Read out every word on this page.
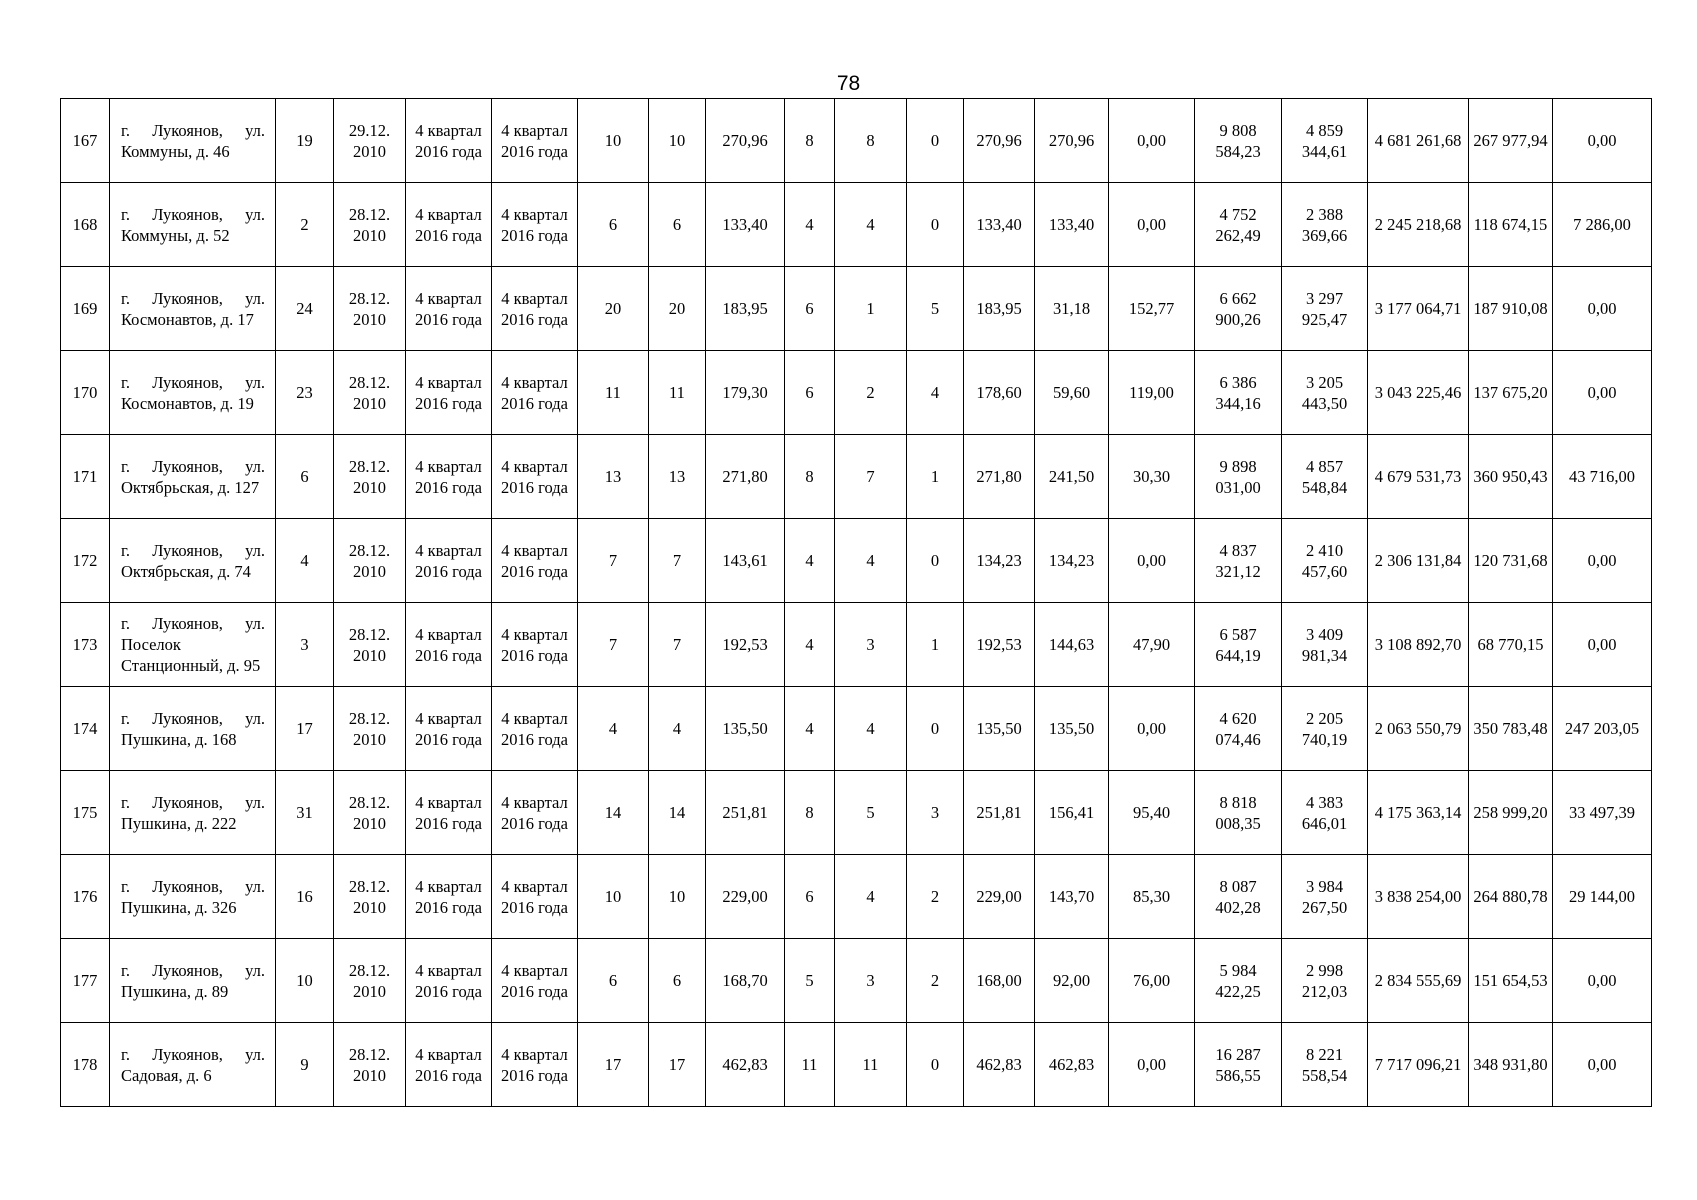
78
167	г. Лукоянов, ул. Коммуны, д. 46	19	29.12. 2010	4 квартал 2016 года	4 квартал 2016 года	10	10	270,96	8	8	0	270,96	270,96	0,00	9 808 584,23	4 859 344,61	4 681 261,68	267 977,94	0,00
168	г. Лукоянов, ул. Коммуны, д. 52	2	28.12. 2010	4 квартал 2016 года	4 квартал 2016 года	6	6	133,40	4	4	0	133,40	133,40	0,00	4 752 262,49	2 388 369,66	2 245 218,68	118 674,15	7 286,00
169	г. Лукоянов, ул. Космонавтов, д. 17	24	28.12. 2010	4 квартал 2016 года	4 квартал 2016 года	20	20	183,95	6	1	5	183,95	31,18	152,77	6 662 900,26	3 297 925,47	3 177 064,71	187 910,08	0,00
170	г. Лукоянов, ул. Космонавтов, д. 19	23	28.12. 2010	4 квартал 2016 года	4 квартал 2016 года	11	11	179,30	6	2	4	178,60	59,60	119,00	6 386 344,16	3 205 443,50	3 043 225,46	137 675,20	0,00
171	г. Лукоянов, ул. Октябрьская, д. 127	6	28.12. 2010	4 квартал 2016 года	4 квартал 2016 года	13	13	271,80	8	7	1	271,80	241,50	30,30	9 898 031,00	4 857 548,84	4 679 531,73	360 950,43	43 716,00
172	г. Лукоянов, ул. Октябрьская, д. 74	4	28.12. 2010	4 квартал 2016 года	4 квартал 2016 года	7	7	143,61	4	4	0	134,23	134,23	0,00	4 837 321,12	2 410 457,60	2 306 131,84	120 731,68	0,00
173	г. Лукоянов, ул. Поселок Станционный, д. 95	3	28.12. 2010	4 квартал 2016 года	4 квартал 2016 года	7	7	192,53	4	3	1	192,53	144,63	47,90	6 587 644,19	3 409 981,34	3 108 892,70	68 770,15	0,00
174	г. Лукоянов, ул. Пушкина, д. 168	17	28.12. 2010	4 квартал 2016 года	4 квартал 2016 года	4	4	135,50	4	4	0	135,50	135,50	0,00	4 620 074,46	2 205 740,19	2 063 550,79	350 783,48	247 203,05
175	г. Лукоянов, ул. Пушкина, д. 222	31	28.12. 2010	4 квартал 2016 года	4 квартал 2016 года	14	14	251,81	8	5	3	251,81	156,41	95,40	8 818 008,35	4 383 646,01	4 175 363,14	258 999,20	33 497,39
176	г. Лукоянов, ул. Пушкина, д. 326	16	28.12. 2010	4 квартал 2016 года	4 квартал 2016 года	10	10	229,00	6	4	2	229,00	143,70	85,30	8 087 402,28	3 984 267,50	3 838 254,00	264 880,78	29 144,00
177	г. Лукоянов, ул. Пушкина, д. 89	10	28.12. 2010	4 квартал 2016 года	4 квартал 2016 года	6	6	168,70	5	3	2	168,00	92,00	76,00	5 984 422,25	2 998 212,03	2 834 555,69	151 654,53	0,00
178	г. Лукоянов, ул. Садовая, д. 6	9	28.12. 2010	4 квартал 2016 года	4 квартал 2016 года	17	17	462,83	11	11	0	462,83	462,83	0,00	16 287 586,55	8 221 558,54	7 717 096,21	348 931,80	0,00
